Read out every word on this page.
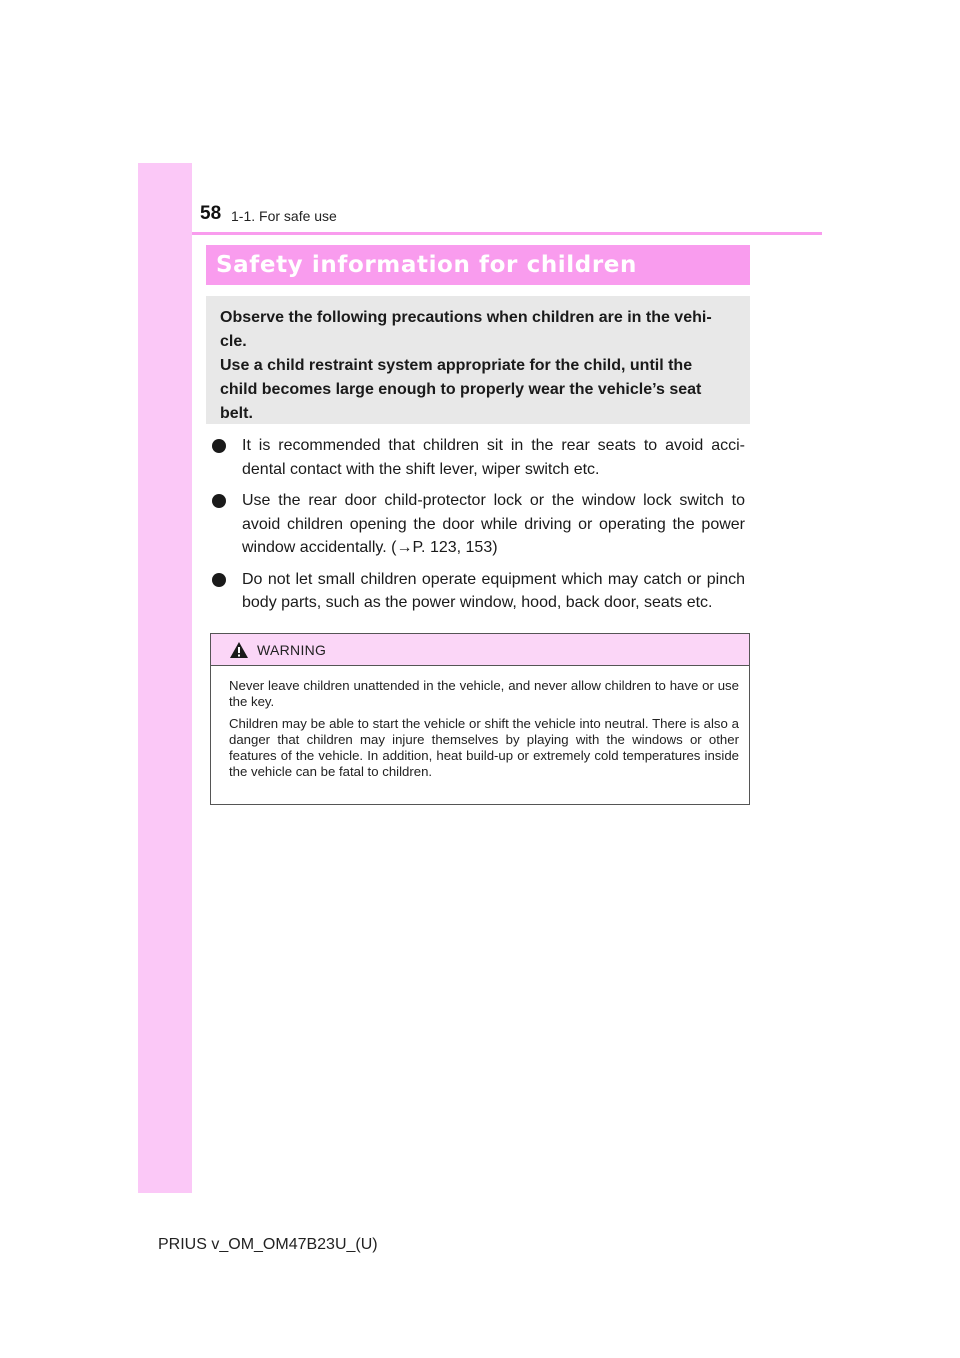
58 1-1. For safe use
Safety information for children
Observe the following precautions when children are in the vehi-
cle.
Use a child restraint system appropriate for the child, until the
child becomes large enough to properly wear the vehicle’s seat
belt.
It is recommended that children sit in the rear seats to avoid acci- dental contact with the shift lever, wiper switch etc.
Use the rear door child-protector lock or the window lock switch to avoid children opening the door while driving or operating the power window accidentally. (→P. 123, 153)
Do not let small children operate equipment which may catch or pinch body parts, such as the power window, hood, back door, seats etc.
WARNING

Never leave children unattended in the vehicle, and never allow children to have or use the key.

Children may be able to start the vehicle or shift the vehicle into neutral. There is also a danger that children may injure themselves by playing with the windows or other features of the vehicle. In addition, heat build-up or extremely cold temperatures inside the vehicle can be fatal to children.

PRIUS v_OM_OM47B23U_(U)
